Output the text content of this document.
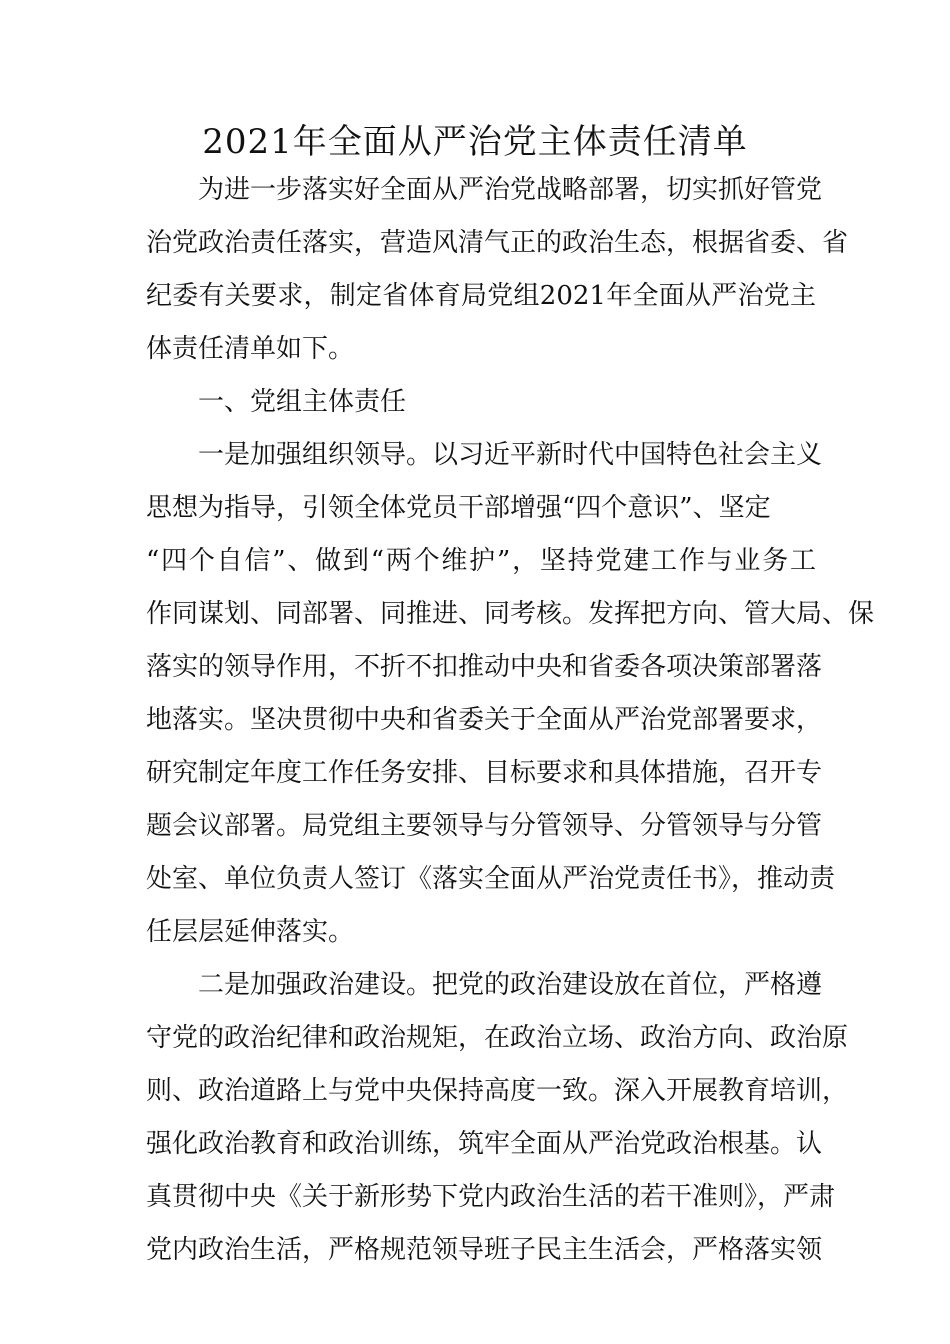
2021年全面从严治党主体责任清单
为进一步落实好全面从严治党战略部署，切实抓好管党
治党政治责任落实，营造风清气正的政治生态，根据省委、省
纪委有关要求，制定省体育局党组2021年全面从严治党主
体责任清单如下。
一、党组主体责任
一是加强组织领导。以习近平新时代中国特色社会主义
思想为指导，引领全体党员干部增强“四个意识”、坚定
“四个自信”、做到“两个维护”，坚持党建工作与业务工
作同谋划、同部署、同推进、同考核。发挥把方向、管大局、保
落实的领导作用，不折不扣推动中央和省委各项决策部署落
地落实。坚决贯彻中央和省委关于全面从严治党部署要求，
研究制定年度工作任务安排、目标要求和具体措施，召开专
题会议部署。局党组主要领导与分管领导、分管领导与分管
处室、单位负责人签订《落实全面从严治党责任书》，推动责
任层层延伸落实。
二是加强政治建设。把党的政治建设放在首位，严格遵
守党的政治纪律和政治规矩，在政治立场、政治方向、政治原
则、政治道路上与党中央保持高度一致。深入开展教育培训，
强化政治教育和政治训练，筑牢全面从严治党政治根基。认
真贯彻中央《关于新形势下党内政治生活的若干准则》，严肃
党内政治生活，严格规范领导班子民主生活会，严格落实领
